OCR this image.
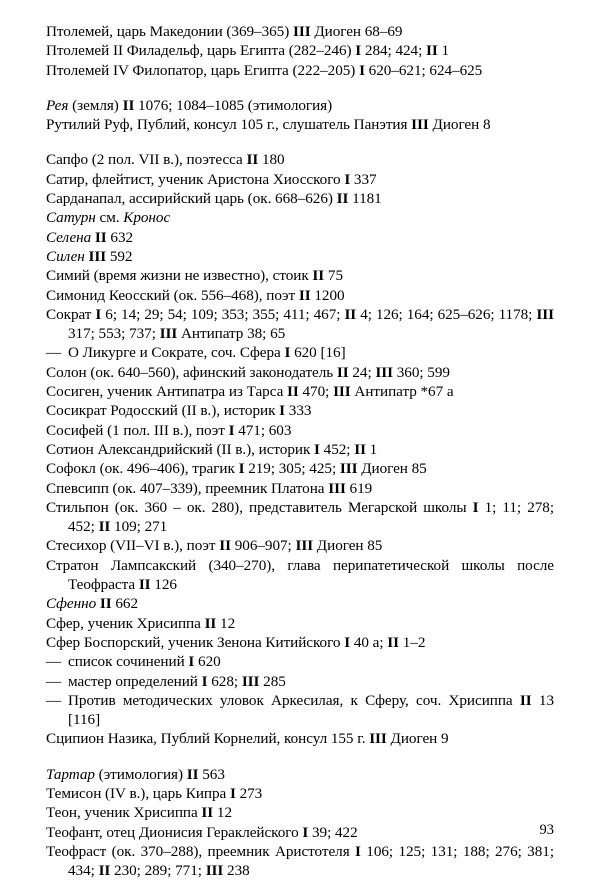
Птолемей, царь Македонии (369–365) III Диоген 68–69

Птолемей II Филадельф, царь Египта (282–246) I 284; 424; II 1

Птолемей IV Филопатор, царь Египта (222–205) I 620–621; 624–625

Рея (земля) II 1076; 1084–1085 (этимология)

Рутилий Руф, Публий, консул 105 г., слушатель Панэтия III Диоген 8

Сапфо (2 пол. VII в.), поэтесса II 180

Сатир, флейтист, ученик Аристона Хиосского I 337

Сарданапал, ассирийский царь (ок. 668–626) II 1181

Сатурн см. Кронос

Селена II 632

Силен III 592

Симий (время жизни не известно), стоик II 75

Симонид Кеосский (ок. 556–468), поэт II 1200

Сократ I 6; 14; 29; 54; 109; 353; 355; 411; 467; II 4; 126; 164; 625–626; 1178; III 317; 553; 737; III Антипатр 38; 65

— О Ликурге и Сократе, соч. Сфера I 620 [16]

Солон (ок. 640–560), афинский законодатель II 24; III 360; 599

Сосиген, ученик Антипатра из Тарса II 470; III Антипатр *67 a

Сосикрат Родосский (II в.), историк I 333

Сосифей (1 пол. III в.), поэт I 471; 603

Сотион Александрийский (II в.), историк I 452; II 1

Софокл (ок. 496–406), трагик I 219; 305; 425; III Диоген 85

Спевсипп (ок. 407–339), преемник Платона III 619

Стильпон (ок. 360 – ок. 280), представитель Мегарской школы I 1; 11; 278; 452; II 109; 271

Стесихор (VII–VI в.), поэт II 906–907; III Диоген 85

Стратон Лампсакский (340–270), глава перипатетической школы после Теофраста II 126

Сфенно II 662

Сфер, ученик Хрисиппа II 12

Сфер Боспорский, ученик Зенона Китийского I 40 a; II 1–2

— список сочинений I 620

— мастер определений I 628; III 285

— Против методических уловок Аркесилая, к Сферу, соч. Хрисиппа II 13 [116]

Сципион Назика, Публий Корнелий, консул 155 г. III Диоген 9

Тартар (этимология) II 563

Темисон (IV в.), царь Кипра I 273

Теон, ученик Хрисиппа II 12

Теофант, отец Дионисия Гераклейского I 39; 422

Теофраст (ок. 370–288), преемник Аристотеля I 106; 125; 131; 188; 276; 381; 434; II 230; 289; 771; III 238

93
